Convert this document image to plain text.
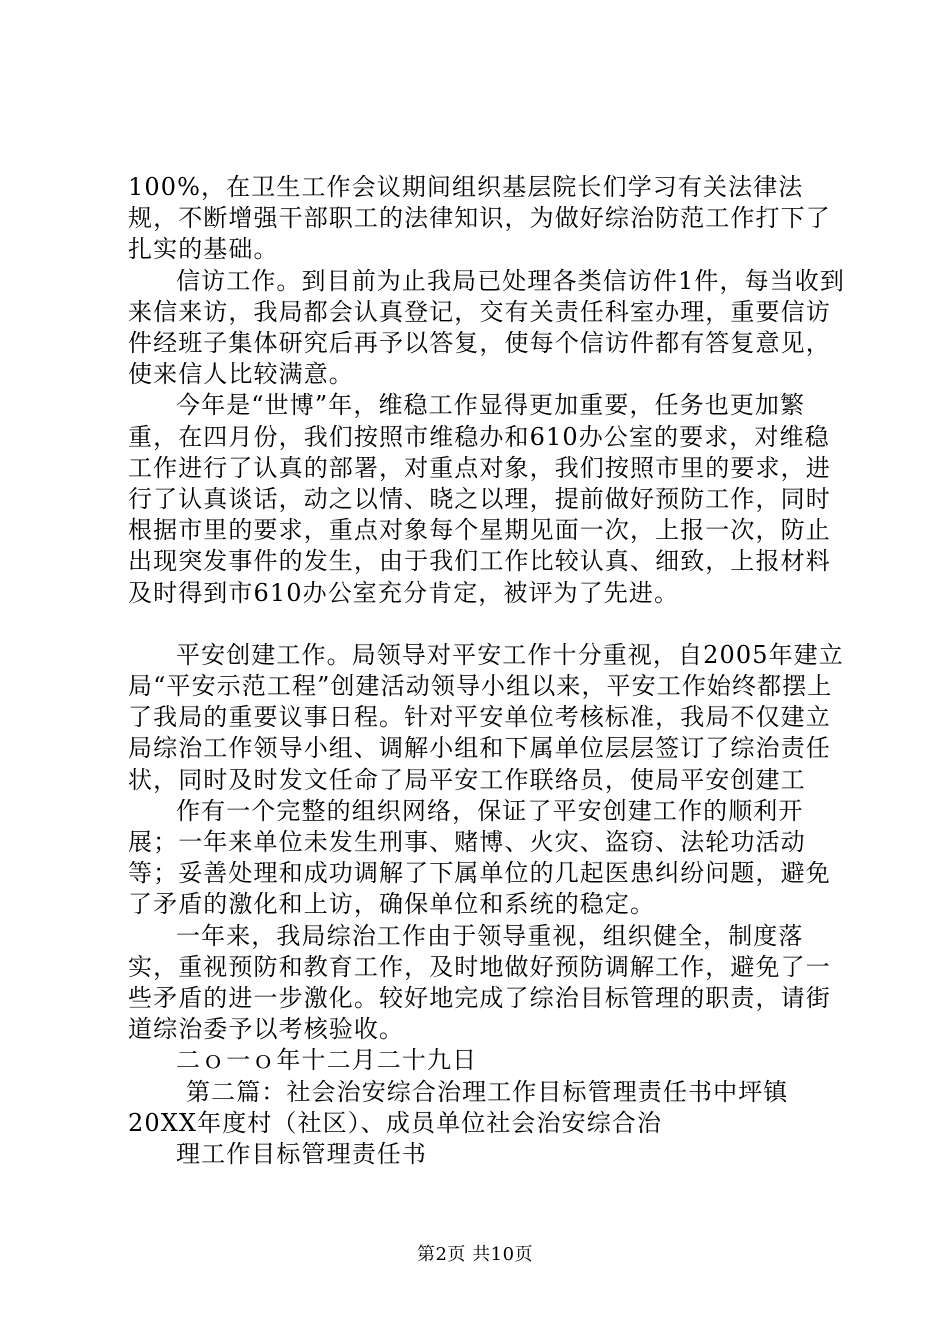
100%，在卫生工作会议期间组织基层院长们学习有关法律法规，不断增强干部职工的法律知识，为做好综治防范工作打下了扎实的基础。

信访工作。到目前为止我局已处理各类信访件1件，每当收到来信来访，我局都会认真登记，交有关责任科室办理，重要信访件经班子集体研究后再予以答复，使每个信访件都有答复意见，使来信人比较满意。

今年是“世博”年，维稳工作显得更加重要，任务也更加繁重，在四月份，我们按照市维稳办和610办公室的要求，对维稳工作进行了认真的部署，对重点对象，我们按照市里的要求，进行了认真谈话，动之以情、晓之以理，提前做好预防工作，同时根据市里的要求，重点对象每个星期见面一次，上报一次，防止出现突发事件的发生，由于我们工作比较认真、细致，上报材料及时得到市610办公室充分肯定，被评为了先进。

平安创建工作。局领导对平安工作十分重视，自2005年建立局“平安示范工程”创建活动领导小组以来，平安工作始终都摆上了我局的重要议事日程。针对平安单位考核标准，我局不仅建立局综治工作领导小组、调解小组和下属单位层层签订了综治责任状，同时及时发文任命了局平安工作联络员，使局平安创建工

作有一个完整的组织网络，保证了平安创建工作的顺利开展；一年来单位未发生刑事、赌博、火灾、盗窃、法轮功活动等；妥善处理和成功调解了下属单位的几起医患纠纷问题，避免了矛盾的激化和上访，确保单位和系统的稳定。

一年来，我局综治工作由于领导重视，组织健全，制度落实，重视预防和教育工作，及时地做好预防调解工作，避免了一些矛盾的进一步激化。较好地完成了综治目标管理的职责，请街道综治委予以考核验收。

二ｏ一ｏ年十二月二十九日

第二篇：社会治安综合治理工作目标管理责任书中坪镇

20XX年度村（社区）、成员单位社会治安综合治

理工作目标管理责任书

第2页 共10页
